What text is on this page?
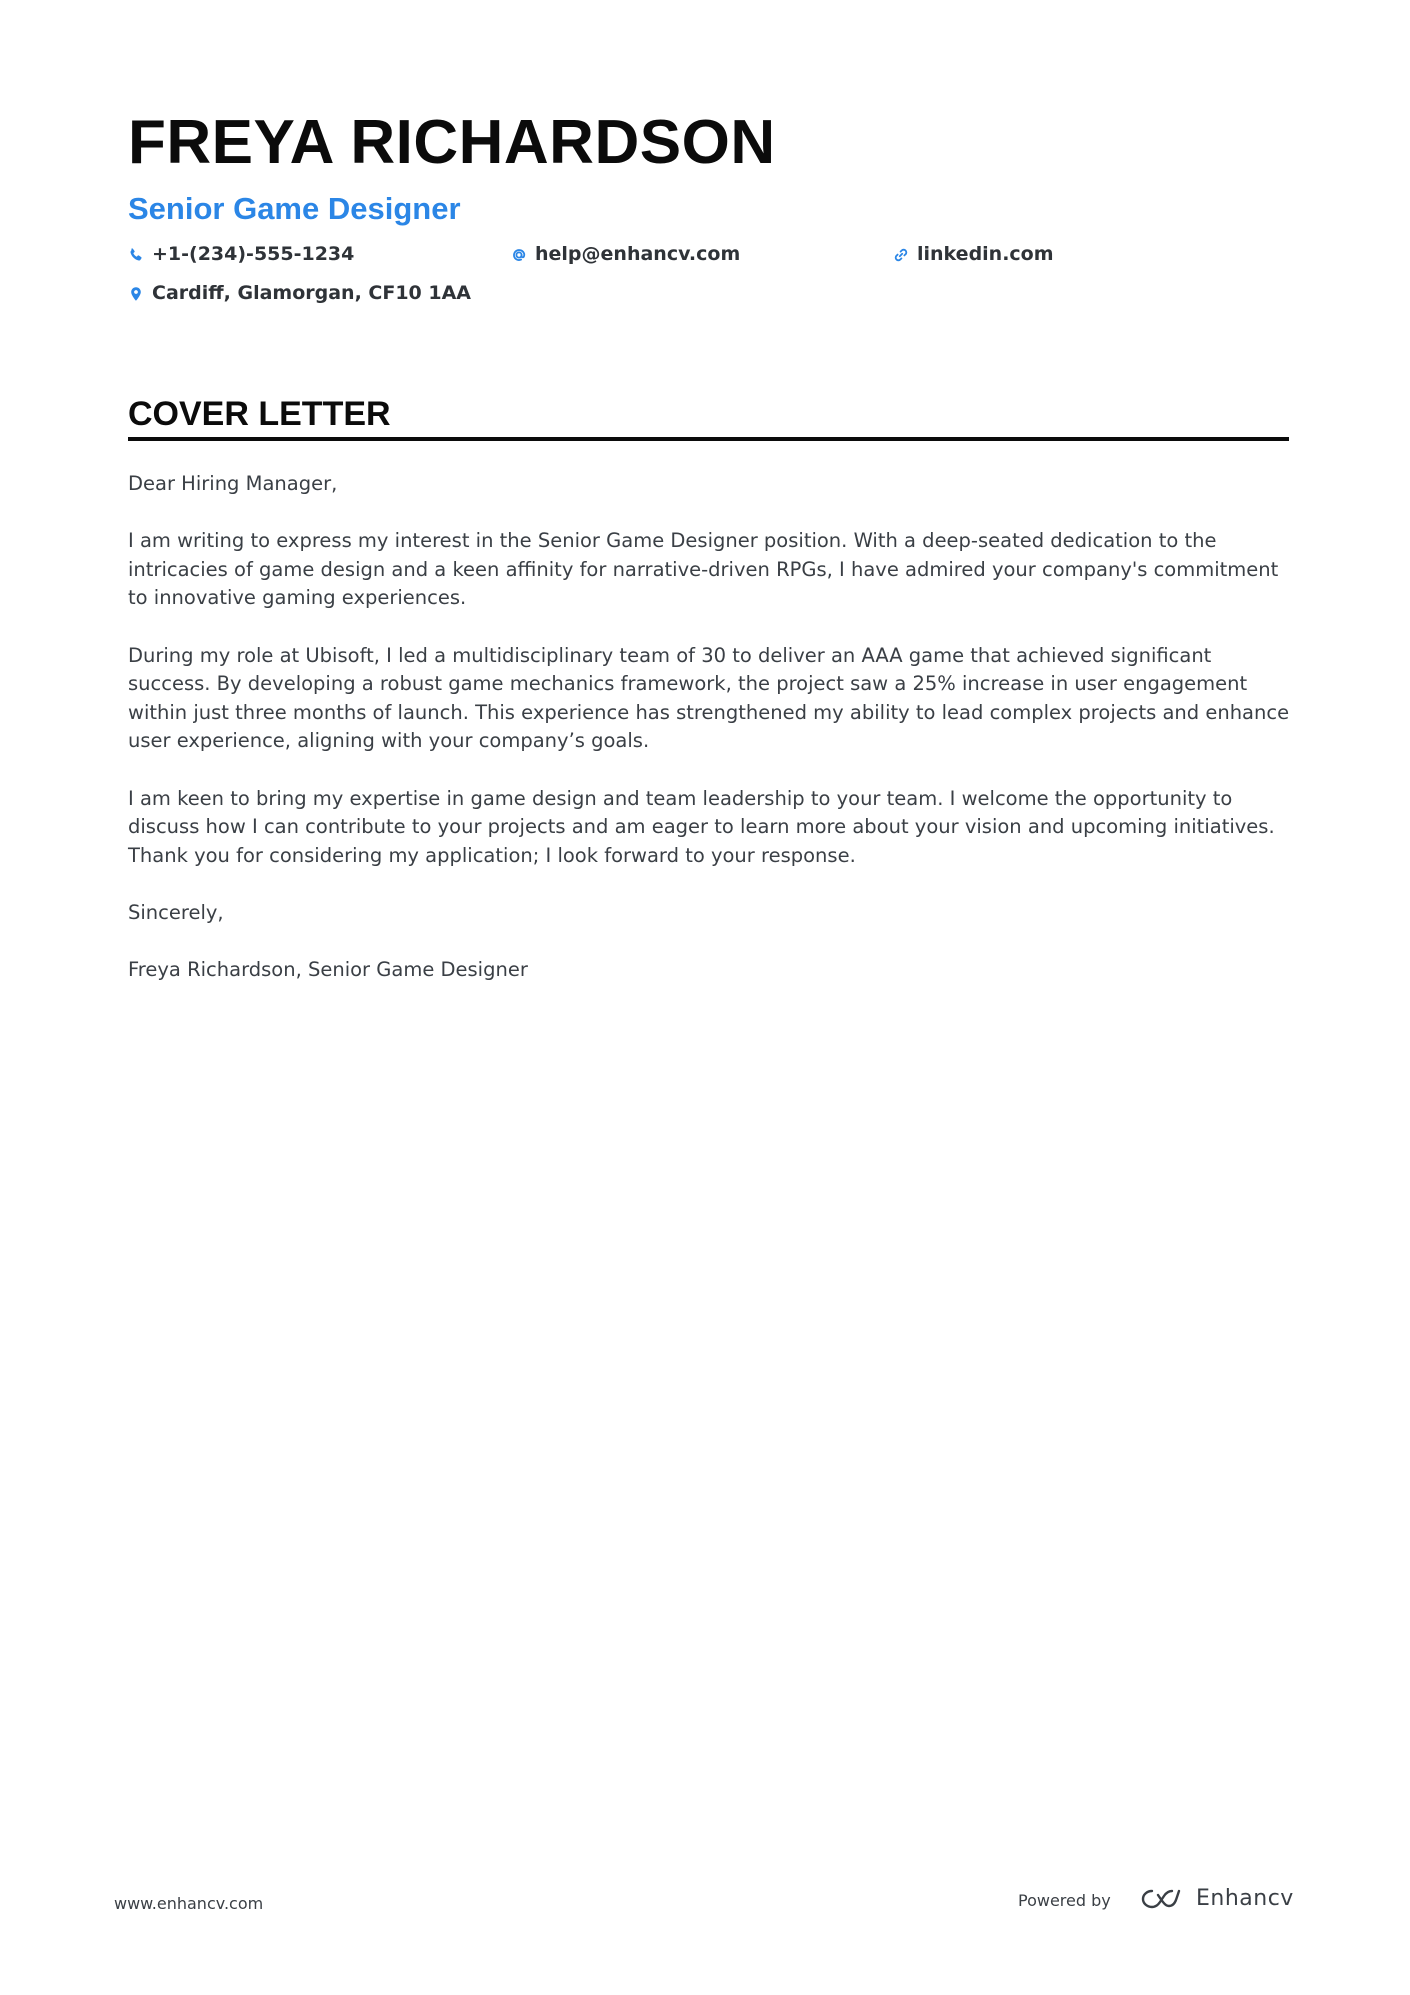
FREYA RICHARDSON
Senior Game Designer
+1-(234)-555-1234	help@enhancv.com	linkedin.com
Cardiff, Glamorgan, CF10 1AA
COVER LETTER

Dear Hiring Manager,

I am writing to express my interest in the Senior Game Designer position. With a deep-seated dedication to the intricacies of game design and a keen affinity for narrative-driven RPGs, I have admired your company's commitment to innovative gaming experiences.

During my role at Ubisoft, I led a multidisciplinary team of 30 to deliver an AAA game that achieved significant success. By developing a robust game mechanics framework, the project saw a 25% increase in user engagement within just three months of launch. This experience has strengthened my ability to lead complex projects and enhance user experience, aligning with your company’s goals.

I am keen to bring my expertise in game design and team leadership to your team. I welcome the opportunity to discuss how I can contribute to your projects and am eager to learn more about your vision and upcoming initiatives. Thank you for considering my application; I look forward to your response.

Sincerely,

Freya Richardson, Senior Game Designer

www.enhancv.com	Powered by	Enhancv
